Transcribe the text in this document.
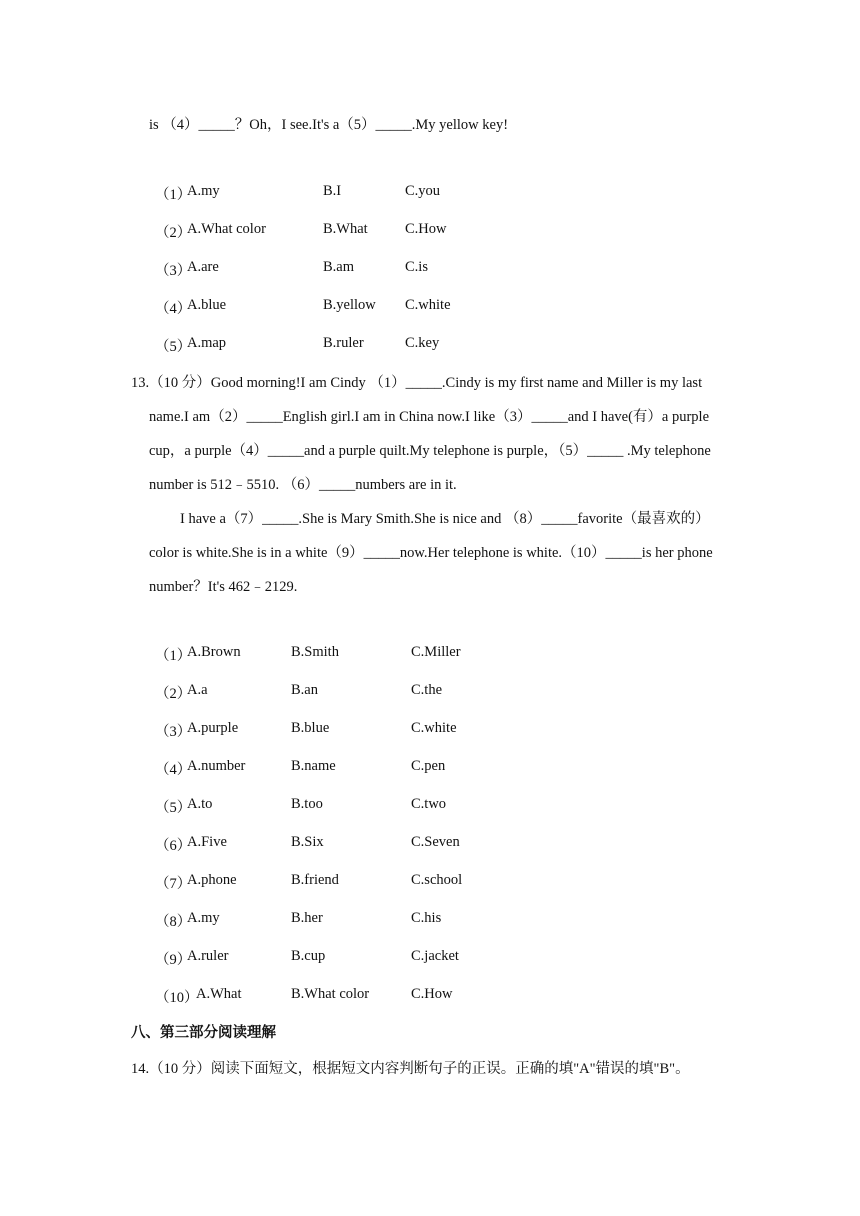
is （4）_____？Oh，I see.It's a（5）_____.My yellow key!
（1）
A.my	B.I	C.you
（2）
A.What color	B.What	C.How
（3）
A.are	B.am	C.is
（4）
A.blue	B.yellow C.white
（5）
A.map	B.ruler	C.key
13.（10 分）Good morning!I am Cindy （1）_____.Cindy is my first name and Miller is my last
name.I am（2）_____English girl.I am in China now.I like（3）_____and I have(有）a purple
cup，a purple（4）_____and a purple quilt.My telephone is purple，（5）_____ .My telephone
number is 512﹣5510. （6）_____numbers are in it.
I have a（7）_____.She is Mary Smith.She is nice and （8）_____favorite（最喜欢的）
color is white.She is in a white（9）_____now.Her telephone is white.（10）_____is her phone
number？It's 462﹣2129.
（1）
A.Brown	B.Smith	C.Miller
（2）
A.a	B.an	C.the
（3）
A.purple	B.blue	C.white
（4）
A.number	B.name	C.pen
（5）
A.to	B.too	C.two
（6）
A.Five	B.Six	C.Seven
（7）
A.phone	B.friend	C.school
（8）
A.my	B.her	C.his
（9）
A.ruler	B.cup	C.jacket
（10）
A.What	B.What color	C.How
八、第三部分阅读理解
14.（10 分）阅读下面短文，根据短文内容判断句子的正误。正确的填"A"错误的填"B"。
